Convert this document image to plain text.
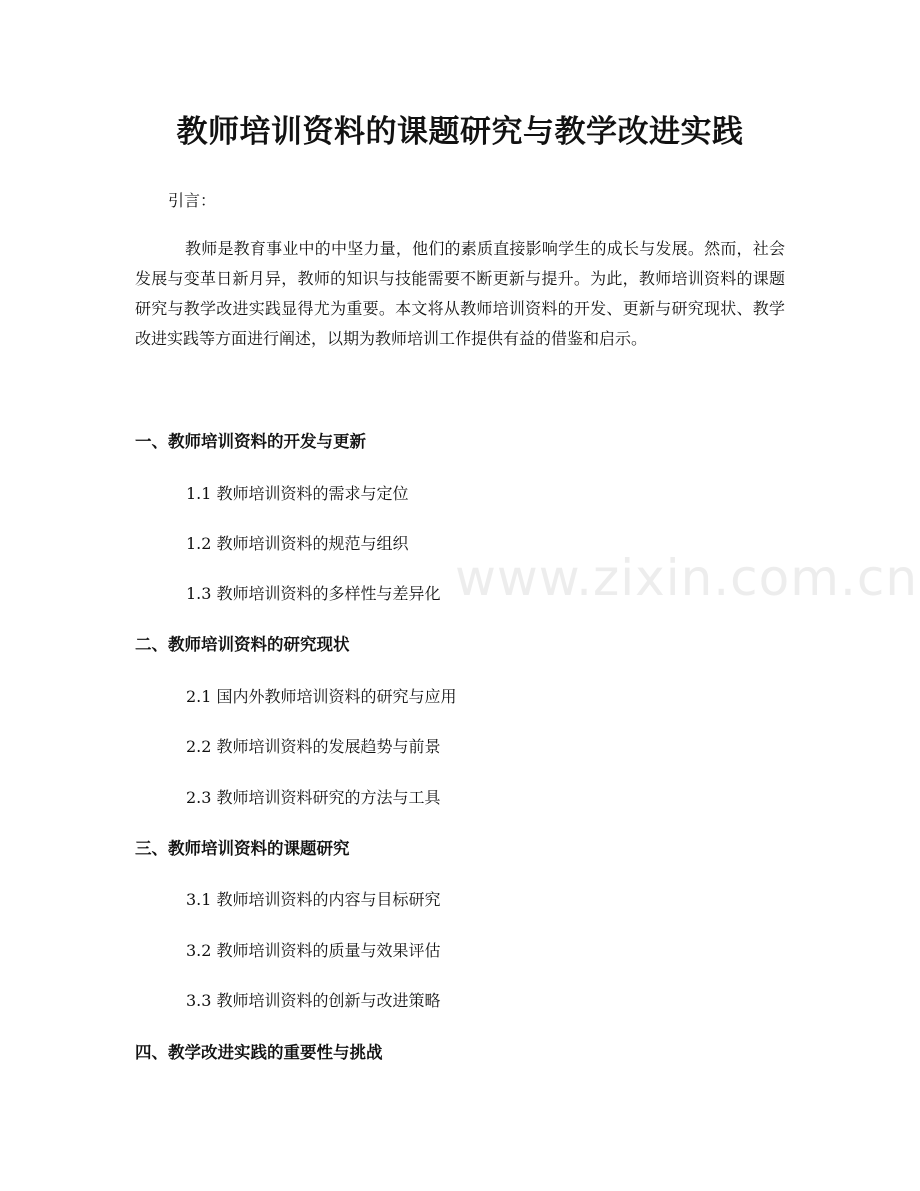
www.zixin.com.cn
教师培训资料的课题研究与教学改进实践
引言：
教师是教育事业中的中坚力量，他们的素质直接影响学生的成长与发展。然而，社会发展与变革日新月异，教师的知识与技能需要不断更新与提升。为此，教师培训资料的课题研究与教学改进实践显得尤为重要。本文将从教师培训资料的开发、更新与研究现状、教学改进实践等方面进行阐述，以期为教师培训工作提供有益的借鉴和启示。
一、教师培训资料的开发与更新
1.1 教师培训资料的需求与定位
1.2 教师培训资料的规范与组织
1.3 教师培训资料的多样性与差异化
二、教师培训资料的研究现状
2.1 国内外教师培训资料的研究与应用
2.2 教师培训资料的发展趋势与前景
2.3 教师培训资料研究的方法与工具
三、教师培训资料的课题研究
3.1 教师培训资料的内容与目标研究
3.2 教师培训资料的质量与效果评估
3.3 教师培训资料的创新与改进策略
四、教学改进实践的重要性与挑战
